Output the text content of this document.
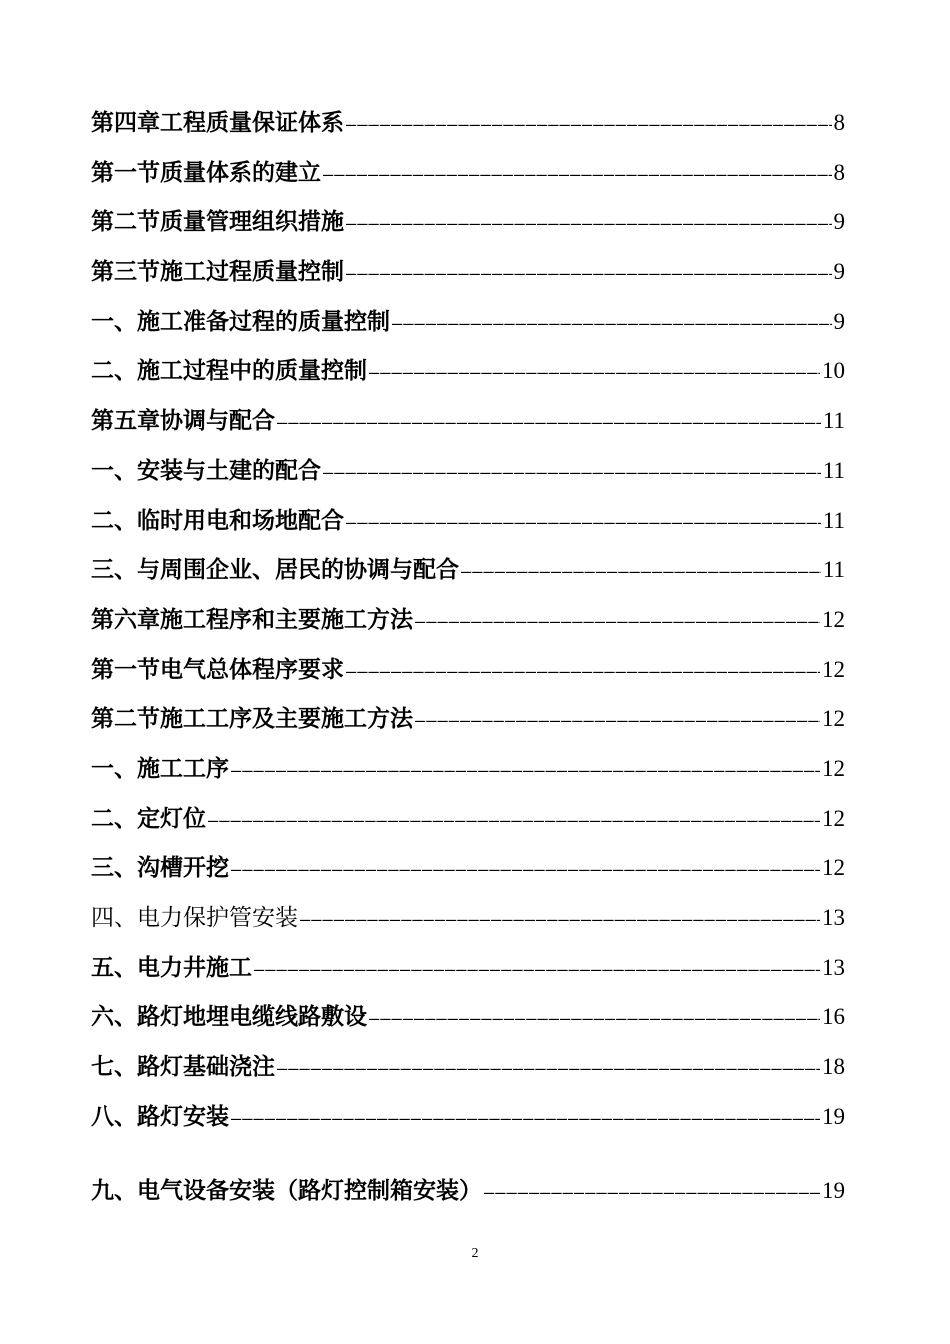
第四章工程质量保证体系 ――――――――――――――――――――――――――――――――――――――――――――――――――――――――――――――――――――――――――――――――	8
第一节质量体系的建立 ――――――――――――――――――――――――――――――――――――――――――――――――――――――――――――――――――――――――――――――――	8
第二节质量管理组织措施 ――――――――――――――――――――――――――――――――――――――――――――――――――――――――――――――――――――――――――――――――	9
第三节施工过程质量控制 ――――――――――――――――――――――――――――――――――――――――――――――――――――――――――――――――――――――――――――――――	9
一、施工准备过程的质量控制 ――――――――――――――――――――――――――――――――――――――――――――――――――――――――――――――――――――――――――――――――	9
二、施工过程中的质量控制 ――――――――――――――――――――――――――――――――――――――――――――――――――――――――――――――――――――――――――――――――	10
第五章协调与配合 ――――――――――――――――――――――――――――――――――――――――――――――――――――――――――――――――――――――――――――――――	11
一、安装与土建的配合 ――――――――――――――――――――――――――――――――――――――――――――――――――――――――――――――――――――――――――――――――	11
二、临时用电和场地配合 ――――――――――――――――――――――――――――――――――――――――――――――――――――――――――――――――――――――――――――――――	11
三、与周围企业、居民的协调与配合 ――――――――――――――――――――――――――――――――――――――――――――――――――――――――――――――――――――――――――――――――	11
第六章施工程序和主要施工方法 ――――――――――――――――――――――――――――――――――――――――――――――――――――――――――――――――――――――――――――――――	12
第一节电气总体程序要求 ――――――――――――――――――――――――――――――――――――――――――――――――――――――――――――――――――――――――――――――――	12
第二节施工工序及主要施工方法 ――――――――――――――――――――――――――――――――――――――――――――――――――――――――――――――――――――――――――――――――	12
一、施工工序 ――――――――――――――――――――――――――――――――――――――――――――――――――――――――――――――――――――――――――――――――	12
二、定灯位 ――――――――――――――――――――――――――――――――――――――――――――――――――――――――――――――――――――――――――――――――	12
三、沟槽开挖 ――――――――――――――――――――――――――――――――――――――――――――――――――――――――――――――――――――――――――――――――	12
四、电力保护管安装 ――――――――――――――――――――――――――――――――――――――――――――――――――――――――――――――――――――――――――――――――	13
五、电力井施工 ――――――――――――――――――――――――――――――――――――――――――――――――――――――――――――――――――――――――――――――――	13
六、路灯地埋电缆线路敷设 ――――――――――――――――――――――――――――――――――――――――――――――――――――――――――――――――――――――――――――――――	16
七、路灯基础浇注 ――――――――――――――――――――――――――――――――――――――――――――――――――――――――――――――――――――――――――――――――	18
八、路灯安装 ――――――――――――――――――――――――――――――――――――――――――――――――――――――――――――――――――――――――――――――――	19
九、电气设备安装（路灯控制箱安装） ――――――――――――――――――――――――――――――――――――――――――――――――――――――――――――――――――――――――――――――――	19
2
